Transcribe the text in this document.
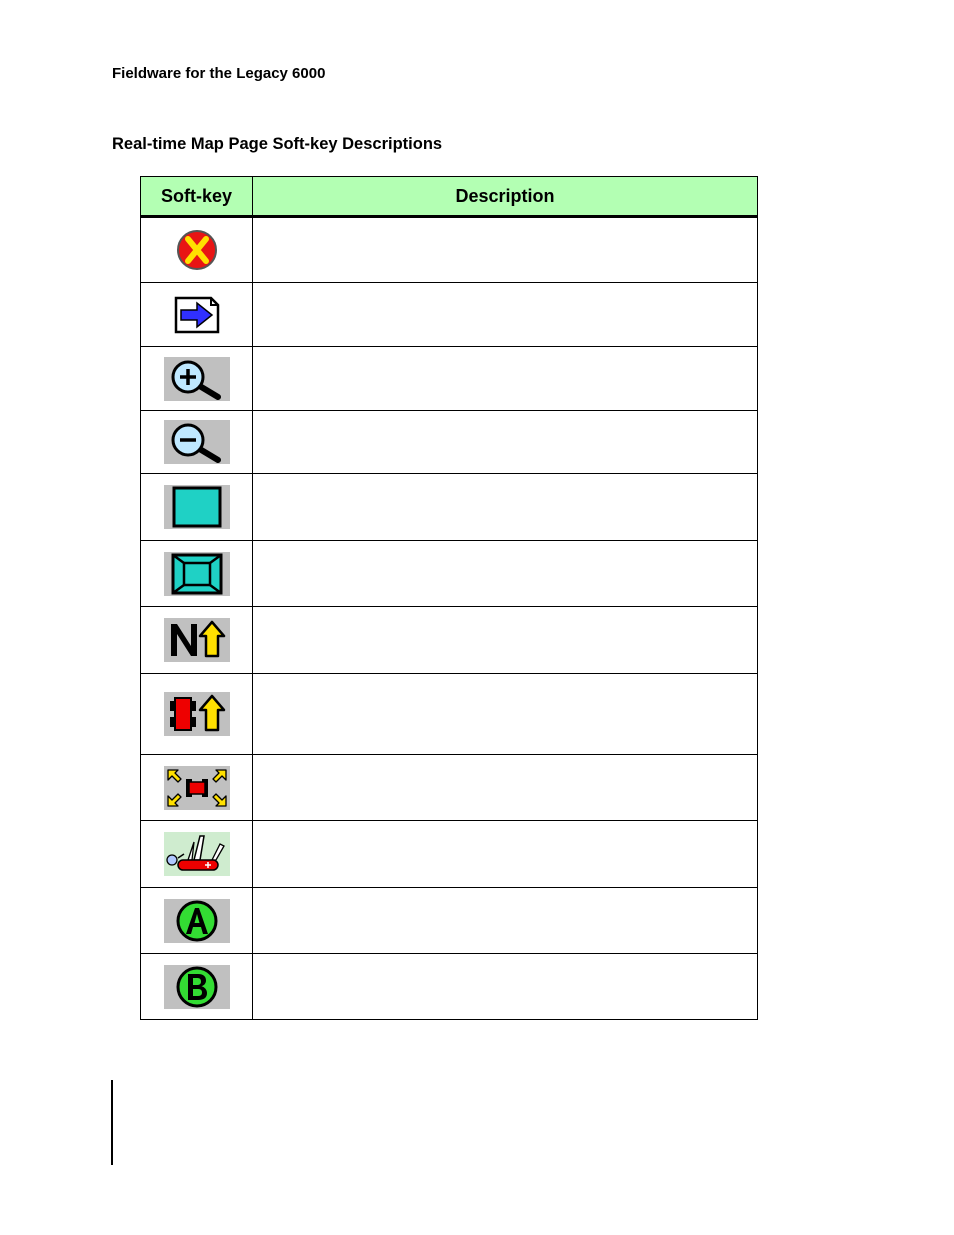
Fieldware for the Legacy 6000
Real-time Map Page Soft-key Descriptions
Soft-key	Description
